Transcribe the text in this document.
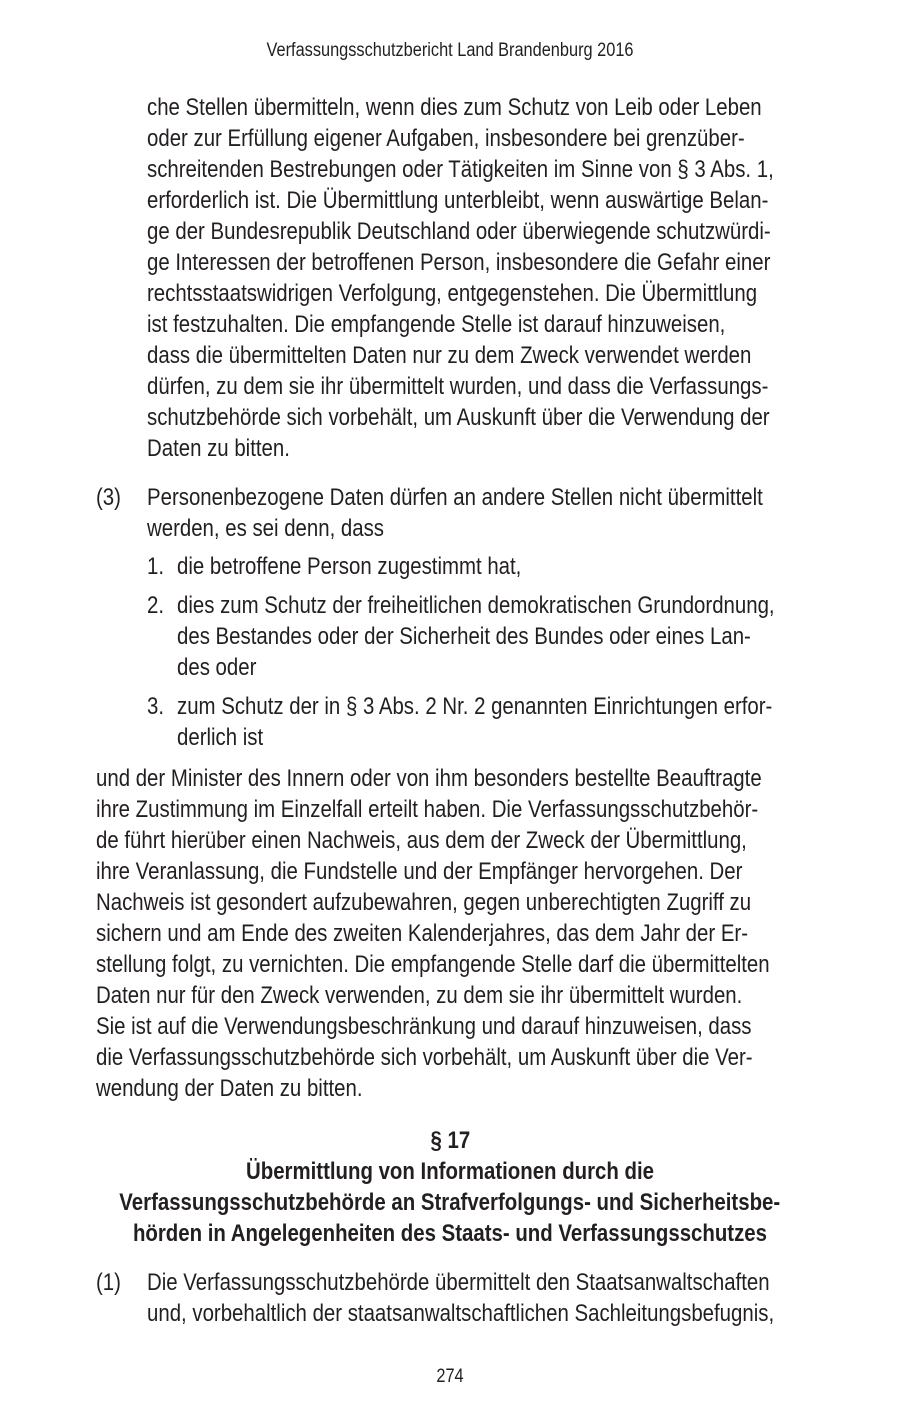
Verfassungsschutzbericht Land Brandenburg 2016
che Stellen übermitteln, wenn dies zum Schutz von Leib oder Leben
oder zur Erfüllung eigener Aufgaben, insbesondere bei grenzüber-
schreitenden Bestrebungen oder Tätigkeiten im Sinne von § 3 Abs. 1,
erforderlich ist. Die Übermittlung unterbleibt, wenn auswärtige Belan-
ge der Bundesrepublik Deutschland oder überwiegende schutzwürdi-
ge Interessen der betroffenen Person, insbesondere die Gefahr einer
rechtsstaatswidrigen Verfolgung, entgegenstehen. Die Übermittlung
ist festzuhalten. Die empfangende Stelle ist darauf hinzuweisen,
dass die übermittelten Daten nur zu dem Zweck verwendet werden
dürfen, zu dem sie ihr übermittelt wurden, und dass die Verfassungs-
schutzbehörde sich vorbehält, um Auskunft über die Verwendung der
Daten zu bitten.
(3) Personenbezogene Daten dürfen an andere Stellen nicht übermittelt
werden, es sei denn, dass
1. die betroffene Person zugestimmt hat,
2. dies zum Schutz der freiheitlichen demokratischen Grundordnung,
des Bestandes oder der Sicherheit des Bundes oder eines Lan-
des oder
3. zum Schutz der in § 3 Abs. 2 Nr. 2 genannten Einrichtungen erfor-
derlich ist
und der Minister des Innern oder von ihm besonders bestellte Beauftragte
ihre Zustimmung im Einzelfall erteilt haben. Die Verfassungsschutzbehör-
de führt hierüber einen Nachweis, aus dem der Zweck der Übermittlung,
ihre Veranlassung, die Fundstelle und der Empfänger hervorgehen. Der
Nachweis ist gesondert aufzubewahren, gegen unberechtigten Zugriff zu
sichern und am Ende des zweiten Kalenderjahres, das dem Jahr der Er-
stellung folgt, zu vernichten. Die empfangende Stelle darf die übermittelten
Daten nur für den Zweck verwenden, zu dem sie ihr übermittelt wurden.
Sie ist auf die Verwendungsbeschränkung und darauf hinzuweisen, dass
die Verfassungsschutzbehörde sich vorbehält, um Auskunft über die Ver-
wendung der Daten zu bitten.
§ 17
Übermittlung von Informationen durch die
Verfassungsschutzbehörde an Strafverfolgungs- und Sicherheitsbe-
hörden in Angelegenheiten des Staats- und Verfassungsschutzes
(1) Die Verfassungsschutzbehörde übermittelt den Staatsanwaltschaften
und, vorbehaltlich der staatsanwaltschaftlichen Sachleitungsbefugnis,
274
